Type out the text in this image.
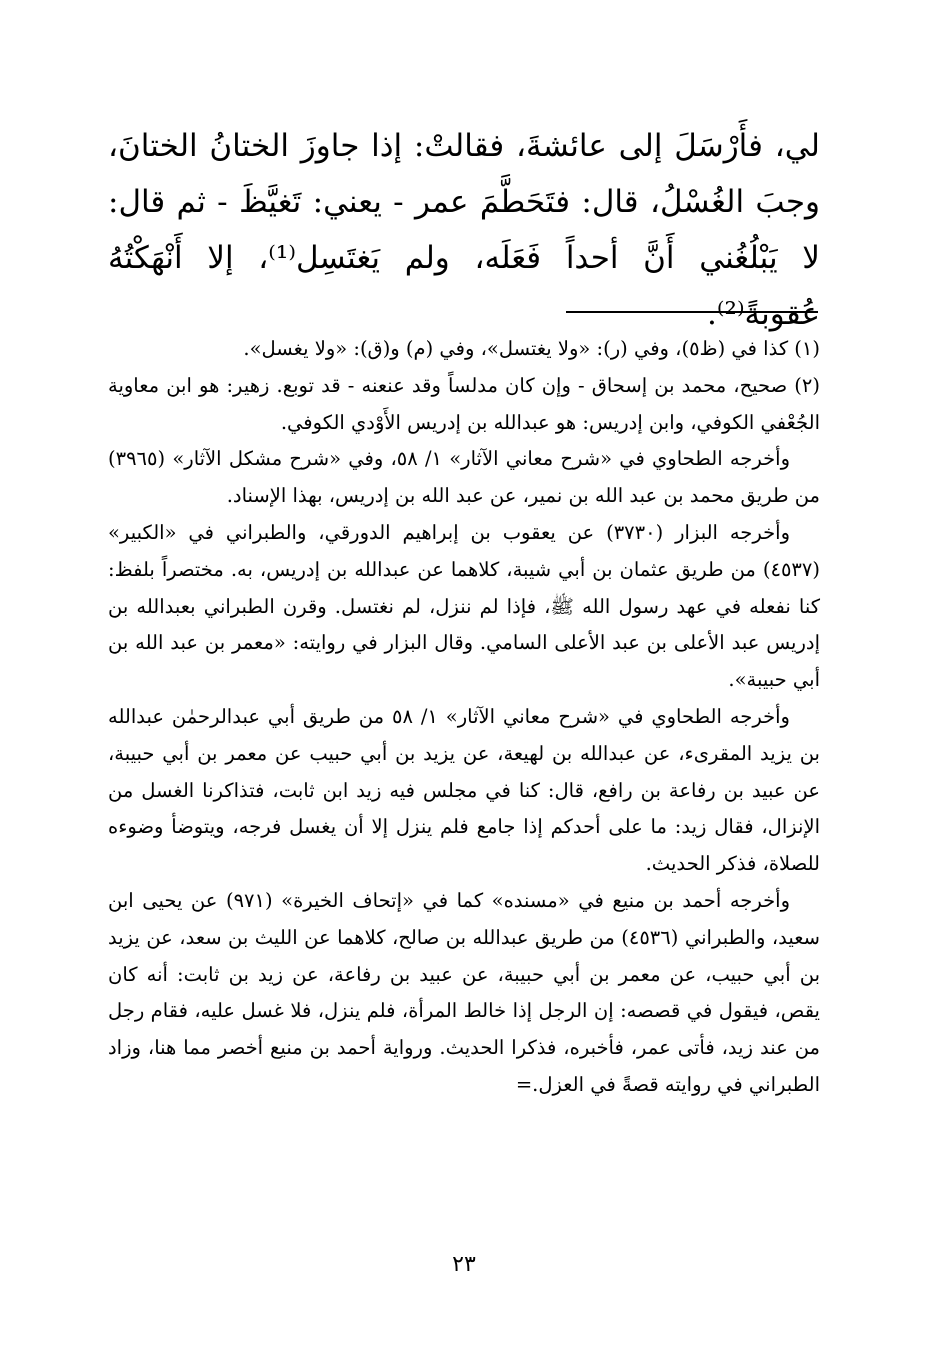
لي، فأَرْسَلَ إلى عائشةَ، فقالتْ: إذا جاوزَ الختانُ الختانَ، وجبَ الغُسْلُ، قال: فتَحَطَّمَ عمر - يعني: تَغيَّظَ - ثم قال: لا يَبْلُغُني أَنَّ أحداً فَعَلَه، ولم يَغتَسِل⁽¹⁾، إلا أَنْهَكْتُهُ عُقوبةً⁽²⁾.

(١) كذا في (ظ٥)، وفي (ر): «ولا يغتسل»، وفي (م) و(ق): «ولا يغسل».

(٢) صحيح، محمد بن إسحاق - وإن كان مدلساً وقد عنعنه - قد توبع. زهير: هو ابن معاوية الجُعْفي الكوفي، وابن إدريس: هو عبدالله بن إدريس الأَوْدي الكوفي.

وأخرجه الطحاوي في «شرح معاني الآثار» ١/ ٥٨، وفي «شرح مشكل الآثار» (٣٩٦٥) من طريق محمد بن عبد الله بن نمير، عن عبد الله بن إدريس، بهذا الإسناد.

وأخرجه البزار (٣٧٣٠) عن يعقوب بن إبراهيم الدورقي، والطبراني في «الكبير» (٤٥٣٧) من طريق عثمان بن أبي شيبة، كلاهما عن عبدالله بن إدريس، به. مختصراً بلفظ: كنا نفعله في عهد رسول الله ﷺ، فإذا لم ننزل، لم نغتسل. وقرن الطبراني بعبدالله بن إدريس عبد الأعلى بن عبد الأعلى السامي. وقال البزار في روايته: «معمر بن عبد الله بن أبي حبيبة».

وأخرجه الطحاوي في «شرح معاني الآثار» ١/ ٥٨ من طريق أبي عبدالرحمٰن عبدالله بن يزيد المقرىء، عن عبدالله بن لهيعة، عن يزيد بن أبي حبيب عن معمر بن أبي حبيبة، عن عبيد بن رفاعة بن رافع، قال: كنا في مجلس فيه زيد ابن ثابت، فتذاكرنا الغسل من الإنزال، فقال زيد: ما على أحدكم إذا جامع فلم ينزل إلا أن يغسل فرجه، ويتوضأ وضوءه للصلاة، فذكر الحديث.

وأخرجه أحمد بن منيع في «مسنده» كما في «إتحاف الخيرة» (٩٧١) عن يحيى ابن سعيد، والطبراني (٤٥٣٦) من طريق عبدالله بن صالح، كلاهما عن الليث بن سعد، عن يزيد بن أبي حبيب، عن معمر بن أبي حبيبة، عن عبيد بن رفاعة، عن زيد بن ثابت: أنه كان يقص، فيقول في قصصه: إن الرجل إذا خالط المرأة، فلم ينزل، فلا غسل عليه، فقام رجل من عند زيد، فأتى عمر، فأخبره، فذكرا الحديث. ورواية أحمد بن منيع أخصر مما هنا، وزاد الطبراني في روايته قصةً في العزل.=

٢٣
